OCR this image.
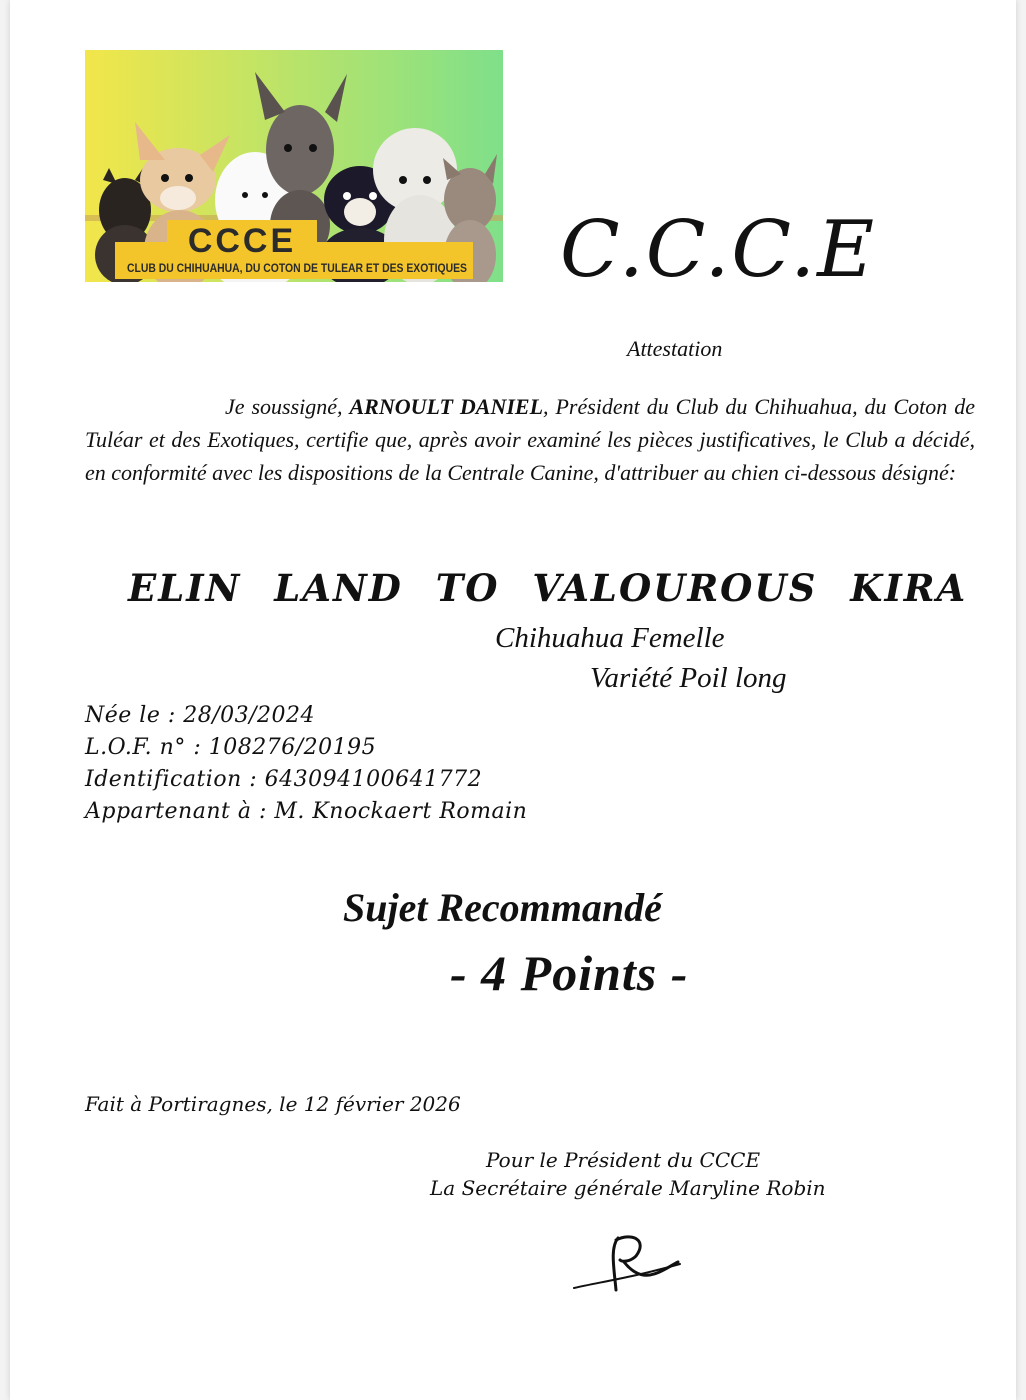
CCCE
CLUB DU CHIHUAHUA, DU COTON DE TULEAR ET DES EXOTIQUES C.C.C.E
Attestation
Je soussigné, ARNOULT DANIEL, Président du Club du Chihuahua, du Coton de Tuléar et des Exotiques, certifie que, après avoir examiné les pièces justificatives, le Club a décidé, en conformité avec les dispositions de la Centrale Canine, d'attribuer au chien ci-dessous désigné:
ELIN LAND TO VALOUROUS KIRA
Chihuahua Femelle
Variété Poil long
Née le : 28/03/2024
L.O.F. n° : 108276/20195
Identification : 643094100641772
Appartenant à : M. Knockaert Romain
Sujet Recommandé
- 4 Points -
Fait à Portiragnes, le 12 février 2026
Pour le Président du CCCE
La Secrétaire générale Maryline Robin
